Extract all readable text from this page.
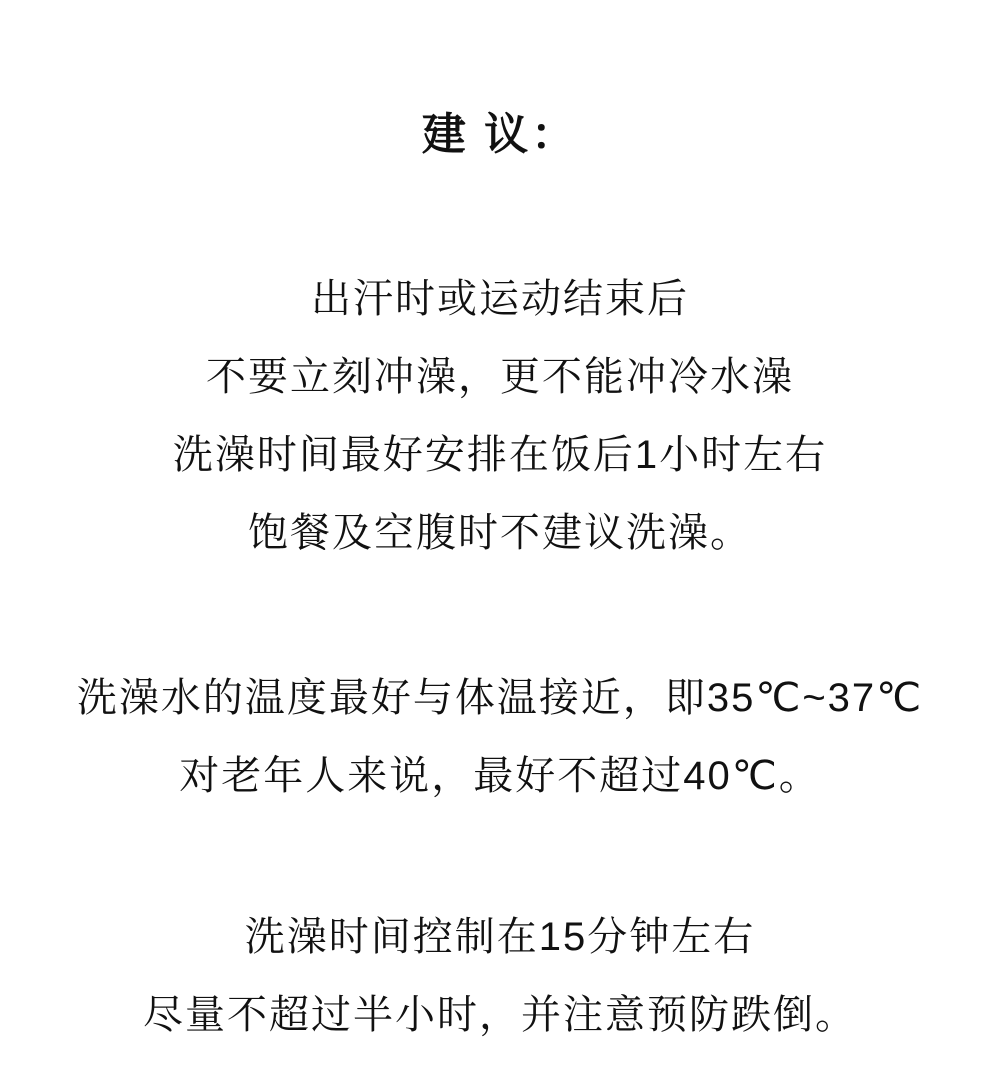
建 议：

出汗时或运动结束后

不要立刻冲澡，更不能冲冷水澡

洗澡时间最好安排在饭后1小时左右

饱餐及空腹时不建议洗澡。

洗澡水的温度最好与体温接近，即35℃~37℃

对老年人来说，最好不超过40℃。

洗澡时间控制在15分钟左右

尽量不超过半小时，并注意预防跌倒。
